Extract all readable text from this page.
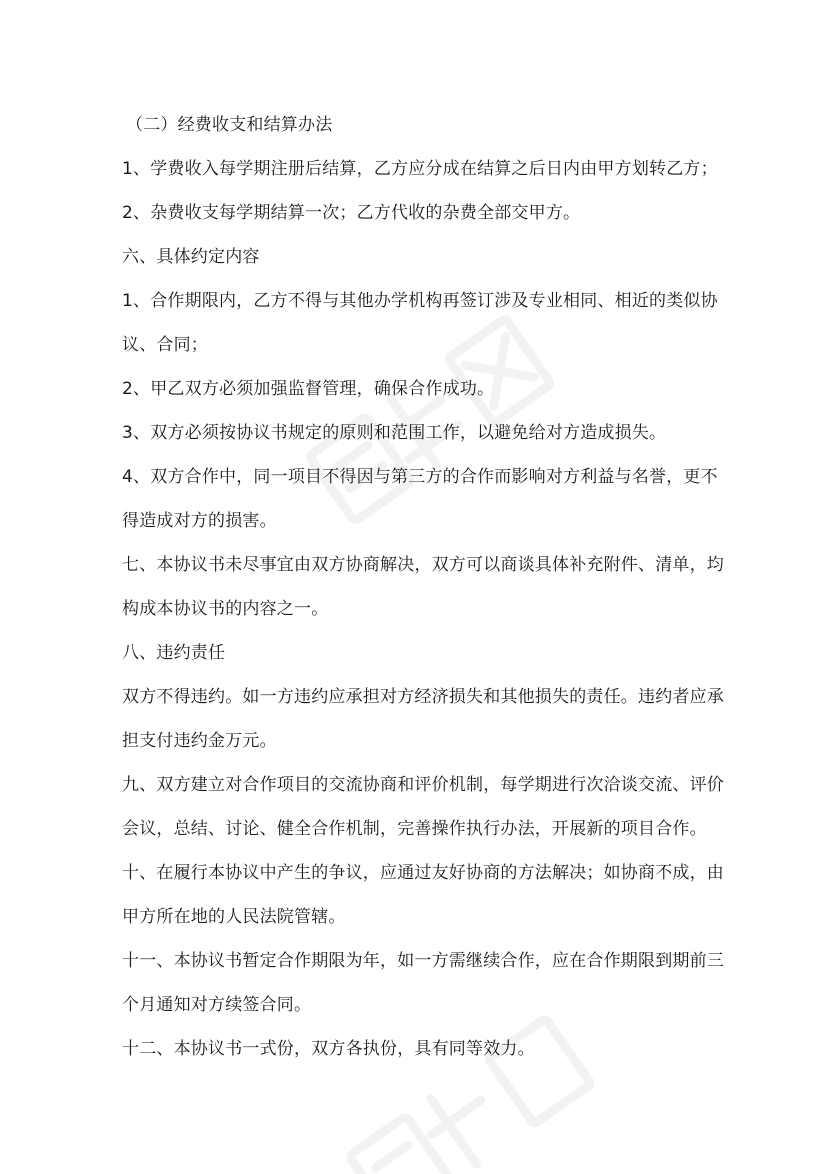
（二）经费收支和结算办法
1、学费收入每学期注册后结算，乙方应分成在结算之后日内由甲方划转乙方；
2、杂费收支每学期结算一次；乙方代收的杂费全部交甲方。
六、具体约定内容
1、合作期限内，乙方不得与其他办学机构再签订涉及专业相同、相近的类似协
议、合同；
2、甲乙双方必须加强监督管理，确保合作成功。
3、双方必须按协议书规定的原则和范围工作，以避免给对方造成损失。
4、双方合作中，同一项目不得因与第三方的合作而影响对方利益与名誉，更不
得造成对方的损害。
七、本协议书未尽事宜由双方协商解决，双方可以商谈具体补充附件、清单，均
构成本协议书的内容之一。
八、违约责任
双方不得违约。如一方违约应承担对方经济损失和其他损失的责任。违约者应承
担支付违约金万元。
九、双方建立对合作项目的交流协商和评价机制，每学期进行次洽谈交流、评价
会议，总结、讨论、健全合作机制，完善操作执行办法，开展新的项目合作。
十、在履行本协议中产生的争议，应通过友好协商的方法解决；如协商不成，由
甲方所在地的人民法院管辖。
十一、本协议书暂定合作期限为年，如一方需继续合作，应在合作期限到期前三
个月通知对方续签合同。
十二、本协议书一式份，双方各执份，具有同等效力。
